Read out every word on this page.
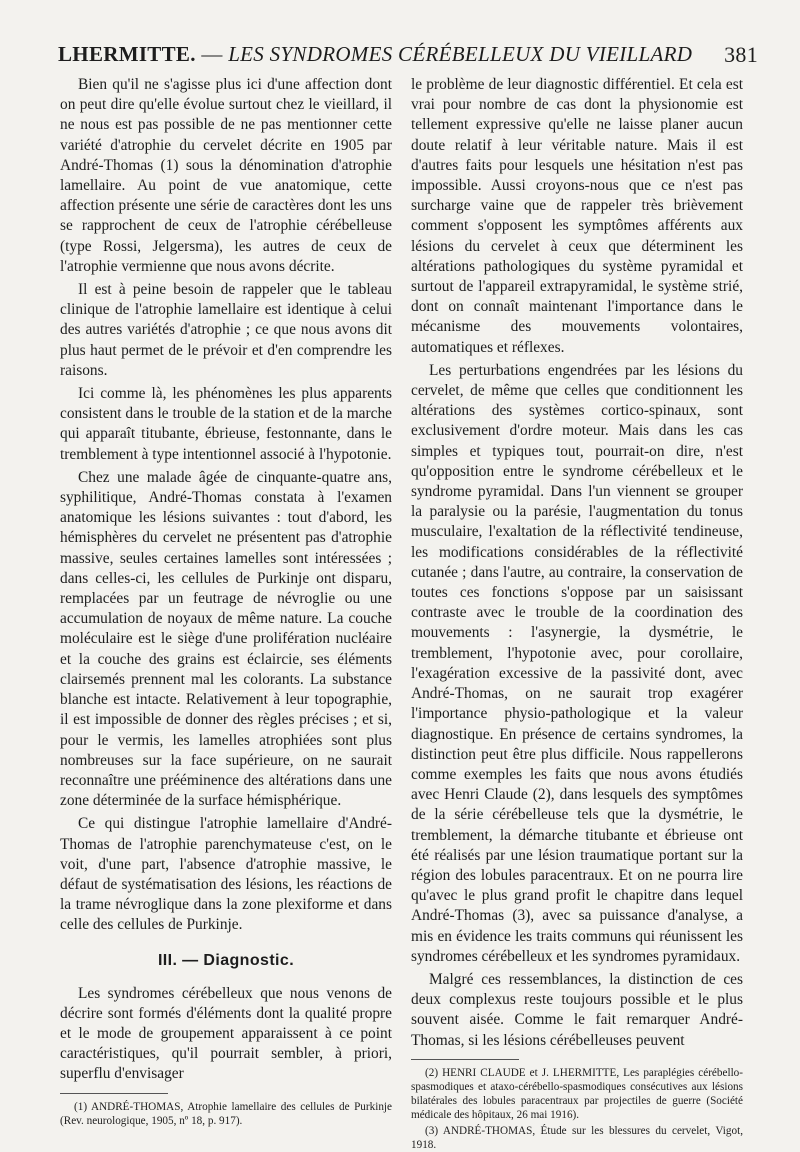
LHERMITTE. — LES SYNDROMES CÉRÉBELLEUX DU VIEILLARD 381

Bien qu'il ne s'agisse plus ici d'une affection dont on peut dire qu'elle évolue surtout chez le vieillard, il ne nous est pas possible de ne pas mentionner cette variété d'atrophie du cervelet décrite en 1905 par André-Thomas (1) sous la dénomination d'atrophie lamellaire. Au point de vue anatomique, cette affection présente une série de caractères dont les uns se rapprochent de ceux de l'atrophie cérébelleuse (type Rossi, Jelgersma), les autres de ceux de l'atrophie vermienne que nous avons décrite.

Il est à peine besoin de rappeler que le tableau clinique de l'atrophie lamellaire est identique à celui des autres variétés d'atrophie ; ce que nous avons dit plus haut permet de le prévoir et d'en comprendre les raisons.

Ici comme là, les phénomènes les plus apparents consistent dans le trouble de la station et de la marche qui apparaît titubante, ébrieuse, festonnante, dans le tremblement à type intentionnel associé à l'hypotonie.

Chez une malade âgée de cinquante-quatre ans, syphilitique, André-Thomas constata à l'examen anatomique les lésions suivantes : tout d'abord, les hémisphères du cervelet ne présentent pas d'atrophie massive, seules certaines lamelles sont intéressées ; dans celles-ci, les cellules de Purkinje ont disparu, remplacées par un feutrage de névroglie ou une accumulation de noyaux de même nature. La couche moléculaire est le siège d'une prolifération nucléaire et la couche des grains est éclaircie, ses éléments clairsemés prennent mal les colorants. La substance blanche est intacte. Relativement à leur topographie, il est impossible de donner des règles précises ; et si, pour le vermis, les lamelles atrophiées sont plus nombreuses sur la face supérieure, on ne saurait reconnaître une prééminence des altérations dans une zone déterminée de la surface hémisphérique.

Ce qui distingue l'atrophie lamellaire d'André-Thomas de l'atrophie parenchymateuse c'est, on le voit, d'une part, l'absence d'atrophie massive, le défaut de systématisation des lésions, les réactions de la trame névroglique dans la zone plexiforme et dans celle des cellules de Purkinje.

III. — Diagnostic.

Les syndromes cérébelleux que nous venons de décrire sont formés d'éléments dont la qualité propre et le mode de groupement apparaissent à ce point caractéristiques, qu'il pourrait sembler, à priori, superflu d'envisager

(1) ANDRÉ-THOMAS, Atrophie lamellaire des cellules de Purkinje (Rev. neurologique, 1905, nº 18, p. 917).

le problème de leur diagnostic différentiel. Et cela est vrai pour nombre de cas dont la physionomie est tellement expressive qu'elle ne laisse planer aucun doute relatif à leur véritable nature. Mais il est d'autres faits pour lesquels une hésitation n'est pas impossible. Aussi croyons-nous que ce n'est pas surcharge vaine que de rappeler très brièvement comment s'opposent les symptômes afférents aux lésions du cervelet à ceux que déterminent les altérations pathologiques du système pyramidal et surtout de l'appareil extrapyramidal, le système strié, dont on connaît maintenant l'importance dans le mécanisme des mouvements volontaires, automatiques et réflexes.

Les perturbations engendrées par les lésions du cervelet, de même que celles que conditionnent les altérations des systèmes cortico-spinaux, sont exclusivement d'ordre moteur. Mais dans les cas simples et typiques tout, pourrait-on dire, n'est qu'opposition entre le syndrome cérébelleux et le syndrome pyramidal. Dans l'un viennent se grouper la paralysie ou la parésie, l'augmentation du tonus musculaire, l'exaltation de la réflectivité tendineuse, les modifications considérables de la réflectivité cutanée ; dans l'autre, au contraire, la conservation de toutes ces fonctions s'oppose par un saisissant contraste avec le trouble de la coordination des mouvements : l'asynergie, la dysmétrie, le tremblement, l'hypotonie avec, pour corollaire, l'exagération excessive de la passivité dont, avec André-Thomas, on ne saurait trop exagérer l'importance physio-pathologique et la valeur diagnostique. En présence de certains syndromes, la distinction peut être plus difficile. Nous rappellerons comme exemples les faits que nous avons étudiés avec Henri Claude (2), dans lesquels des symptômes de la série cérébelleuse tels que la dysmétrie, le tremblement, la démarche titubante et ébrieuse ont été réalisés par une lésion traumatique portant sur la région des lobules paracentraux. Et on ne pourra lire qu'avec le plus grand profit le chapitre dans lequel André-Thomas (3), avec sa puissance d'analyse, a mis en évidence les traits communs qui réunissent les syndromes cérébelleux et les syndromes pyramidaux.

Malgré ces ressemblances, la distinction de ces deux complexus reste toujours possible et le plus souvent aisée. Comme le fait remarquer André-Thomas, si les lésions cérébelleuses peuvent

(2) HENRI CLAUDE et J. LHERMITTE, Les paraplégies cérébello-spasmodiques et ataxo-cérébello-spasmodiques consécutives aux lésions bilatérales des lobules paracentraux par projectiles de guerre (Société médicale des hôpitaux, 26 mai 1916).

(3) ANDRÉ-THOMAS, Étude sur les blessures du cervelet, Vigot, 1918.
